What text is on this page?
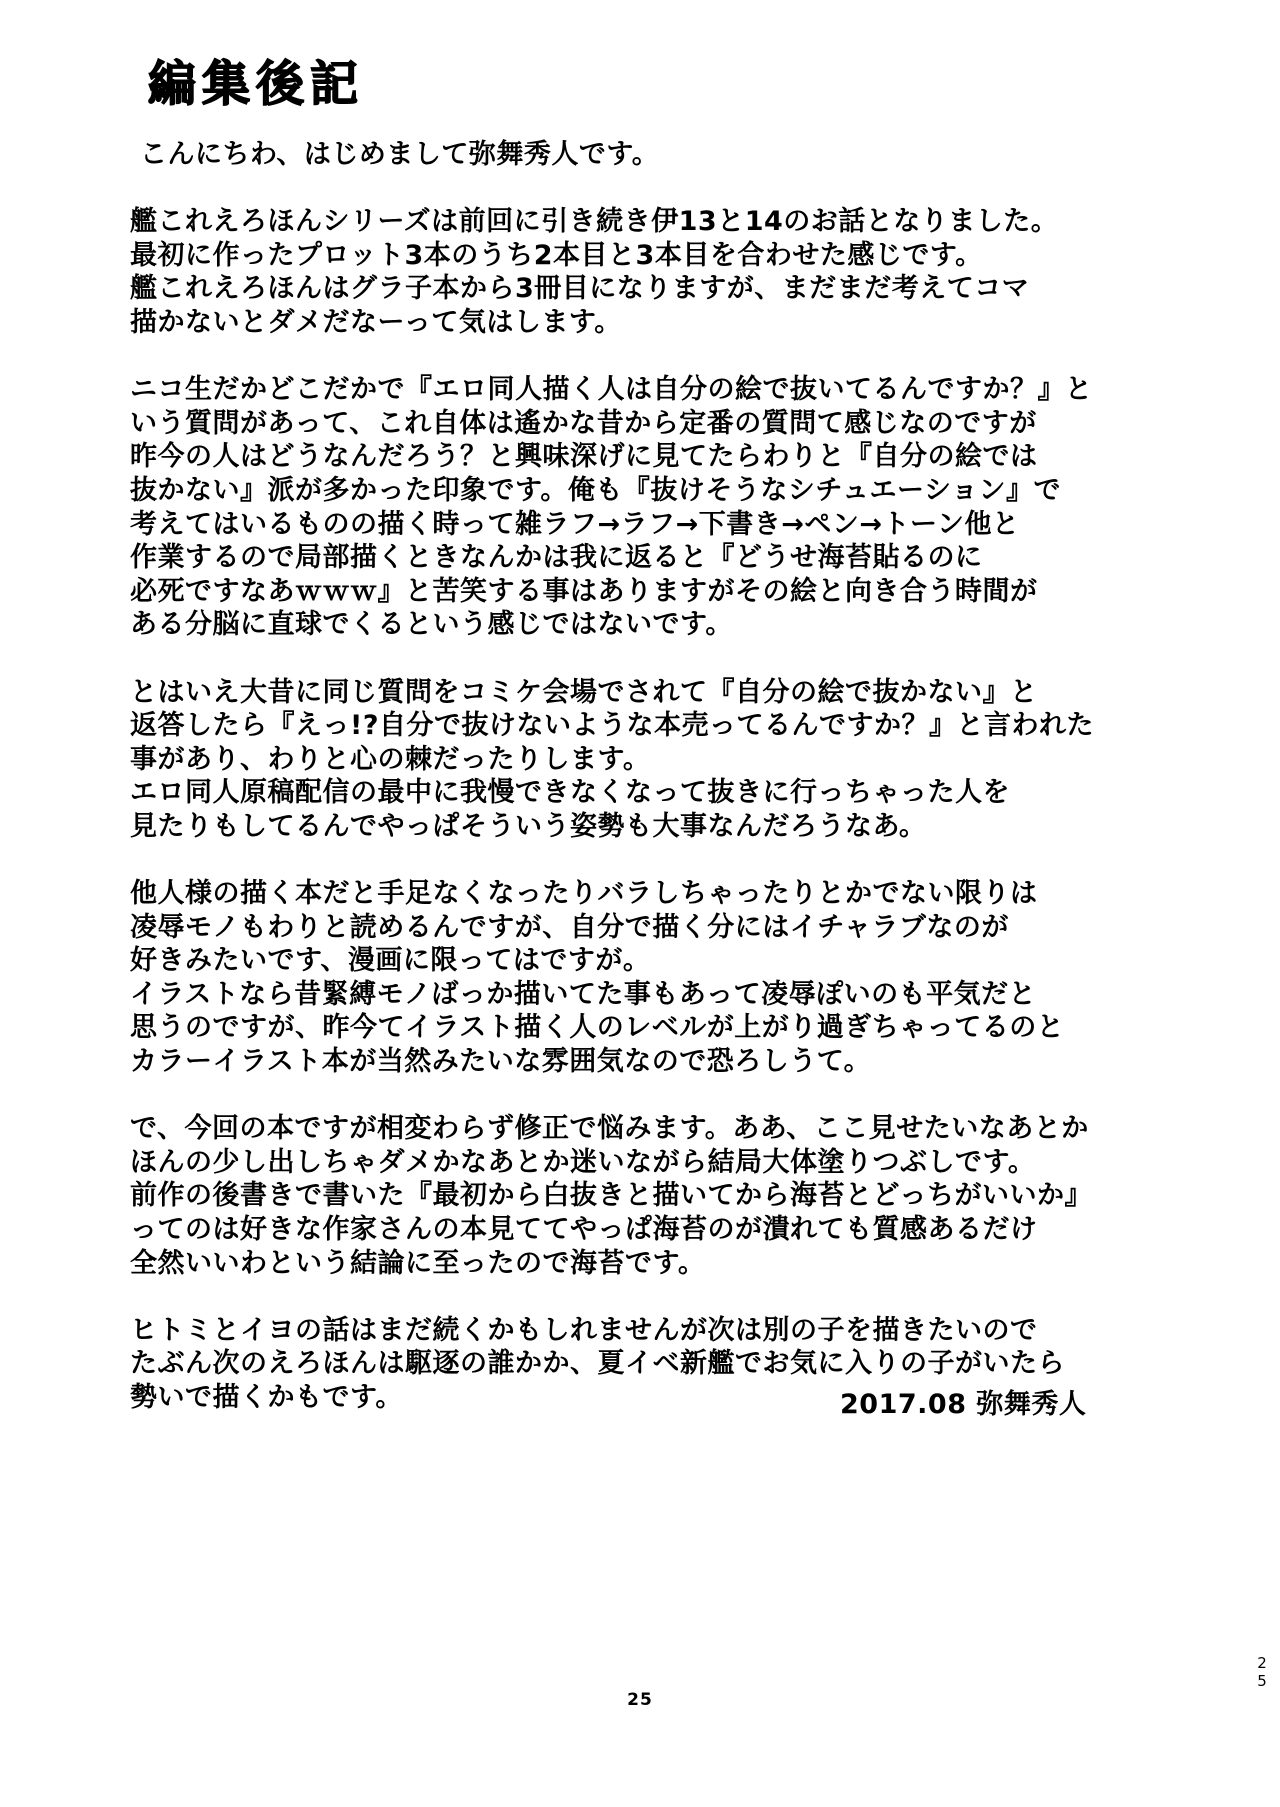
編集後記
こんにちわ、はじめまして弥舞秀人です。
艦これえろほんシリーズは前回に引き続き伊13と14のお話となりました。
最初に作ったプロット3本のうち2本目と3本目を合わせた感じです。
艦これえろほんはグラ子本から3冊目になりますが、まだまだ考えてコマ
描かないとダメだなーって気はします。
ニコ生だかどこだかで『エロ同人描く人は自分の絵で抜いてるんですか？』と
いう質問があって、これ自体は遙かな昔から定番の質問て感じなのですが
昨今の人はどうなんだろう？と興味深げに見てたらわりと『自分の絵では
抜かない』派が多かった印象です。俺も『抜けそうなシチュエーション』で
考えてはいるものの描く時って雑ラフ→ラフ→下書き→ペン→トーン他と
作業するので局部描くときなんかは我に返ると『どうせ海苔貼るのに
必死ですなあｗｗｗ』と苦笑する事はありますがその絵と向き合う時間が
ある分脳に直球でくるという感じではないです。
とはいえ大昔に同じ質問をコミケ会場でされて『自分の絵で抜かない』と
返答したら『えっ!?自分で抜けないような本売ってるんですか？』と言われた
事があり、わりと心の棘だったりします。
エロ同人原稿配信の最中に我慢できなくなって抜きに行っちゃった人を
見たりもしてるんでやっぱそういう姿勢も大事なんだろうなあ。
他人様の描く本だと手足なくなったりバラしちゃったりとかでない限りは
凌辱モノもわりと読めるんですが、自分で描く分にはイチャラブなのが
好きみたいです、漫画に限ってはですが。
イラストなら昔緊縛モノばっか描いてた事もあって凌辱ぽいのも平気だと
思うのですが、昨今てイラスト描く人のレベルが上がり過ぎちゃってるのと
カラーイラスト本が当然みたいな雰囲気なので恐ろしうて。
で、今回の本ですが相変わらず修正で悩みます。ああ、ここ見せたいなあとか
ほんの少し出しちゃダメかなあとか迷いながら結局大体塗りつぶしです。
前作の後書きで書いた『最初から白抜きと描いてから海苔とどっちがいいか』
ってのは好きな作家さんの本見ててやっぱ海苔のが潰れても質感あるだけ
全然いいわという結論に至ったので海苔です。
ヒトミとイヨの話はまだ続くかもしれませんが次は別の子を描きたいので
たぶん次のえろほんは駆逐の誰かか、夏イベ新艦でお気に入りの子がいたら
勢いで描くかもです。	2017.08 弥舞秀人
2
5
25
